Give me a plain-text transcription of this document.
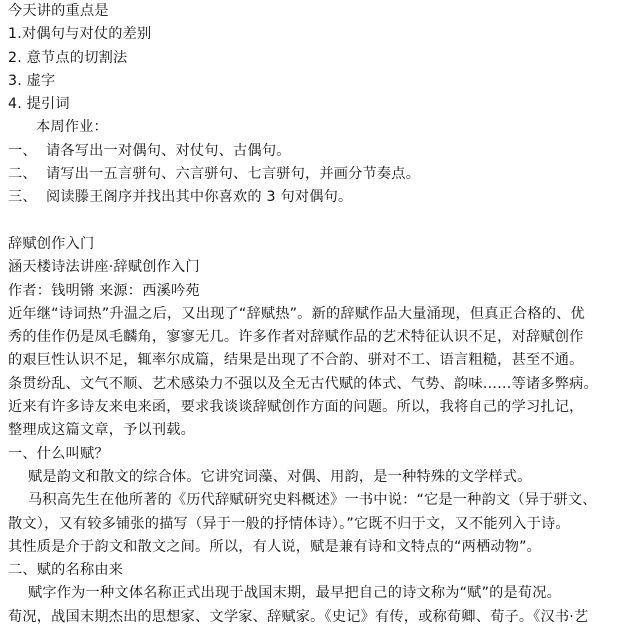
今天讲的重点是
1.对偶句与对仗的差别
2. 意节点的切割法
3. 虚字
4. 提引词
本周作业：
一、 请各写出一对偶句、对仗句、古偶句。
二、 请写出一五言骈句、六言骈句、七言骈句，并画分节奏点。
三、 阅读滕王阁序并找出其中你喜欢的 3 句对偶句。
辞赋创作入门
涵天楼诗法讲座·辞赋创作入门
作者：钱明锵 来源：西溪吟苑
近年继“诗词热”升温之后，又出现了“辞赋热”。新的辞赋作品大量涌现，但真正合格的、优
秀的佳作仍是凤毛麟角，寥寥无几。许多作者对辞赋作品的艺术特征认识不足，对辞赋创作
的艰巨性认识不足，辄率尔成篇，结果是出现了不合韵、骈对不工、语言粗糙，甚至不通。
条贯纷乱、文气不顺、艺术感染力不强以及全无古代赋的体式、气势、韵味……等诸多弊病。
近来有许多诗友来电来函，要求我谈谈辞赋创作方面的问题。所以，我将自己的学习扎记，
整理成这篇文章，予以刊载。
一、什么叫赋？
赋是韵文和散文的综合体。它讲究词藻、对偶、用韵，是一种特殊的文学样式。
马积高先生在他所著的《历代辞赋研究史料概述》一书中说：“它是一种韵文（异于骈文、
散文），又有较多铺张的描写（异于一般的抒情体诗）。”它既不归于文，又不能列入于诗。
其性质是介于韵文和散文之间。所以，有人说，赋是兼有诗和文特点的“两栖动物”。
二、赋的名称由来
赋字作为一种文体名称正式出现于战国末期，最早把自己的诗文称为“赋”的是荀况。
荀况，战国末期杰出的思想家、文学家、辞赋家。《史记》有传，或称荀卿、荀子。《汉书·艺
